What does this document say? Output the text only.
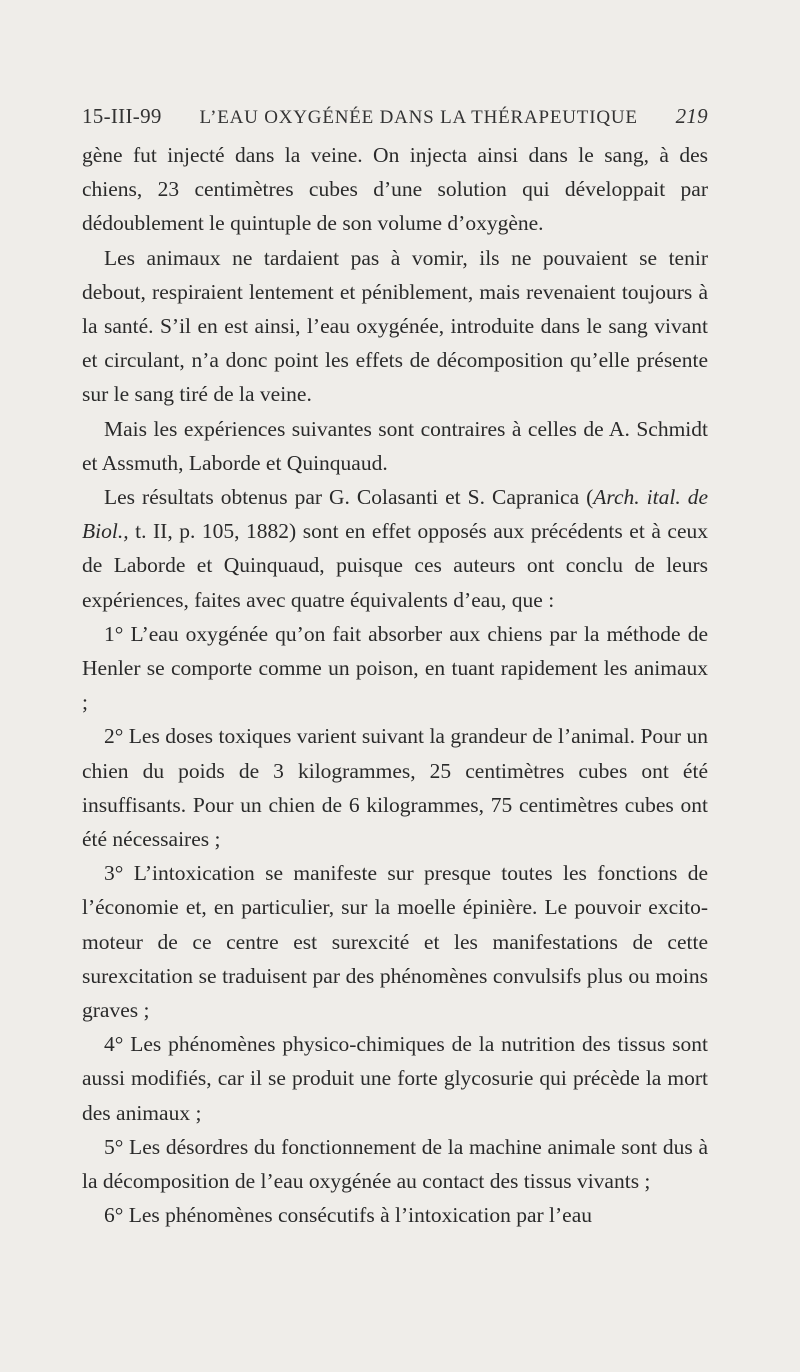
15-III-99 L’EAU OXYGÉNÉE DANS LA THÉRAPEUTIQUE 219

gène fut injecté dans la veine. On injecta ainsi dans le sang, à des chiens, 23 centimètres cubes d’une solution qui développait par dédoublement le quintuple de son volume d’oxygène.

Les animaux ne tardaient pas à vomir, ils ne pouvaient se tenir debout, respiraient lentement et péniblement, mais revenaient toujours à la santé. S’il en est ainsi, l’eau oxygénée, introduite dans le sang vivant et circulant, n’a donc point les effets de décomposition qu’elle présente sur le sang tiré de la veine.

Mais les expériences suivantes sont contraires à celles de A. Schmidt et Assmuth, Laborde et Quinquaud.

Les résultats obtenus par G. Colasanti et S. Capranica (Arch. ital. de Biol., t. II, p. 105, 1882) sont en effet opposés aux précédents et à ceux de Laborde et Quinquaud, puisque ces auteurs ont conclu de leurs expériences, faites avec quatre équivalents d’eau, que :

1° L’eau oxygénée qu’on fait absorber aux chiens par la méthode de Henler se comporte comme un poison, en tuant rapidement les animaux ;

2° Les doses toxiques varient suivant la grandeur de l’animal. Pour un chien du poids de 3 kilogrammes, 25 centimètres cubes ont été insuffisants. Pour un chien de 6 kilogrammes, 75 centimètres cubes ont été nécessaires ;

3° L’intoxication se manifeste sur presque toutes les fonctions de l’économie et, en particulier, sur la moelle épinière. Le pouvoir excito-moteur de ce centre est surexcité et les manifestations de cette surexcitation se traduisent par des phénomènes convulsifs plus ou moins graves ;

4° Les phénomènes physico-chimiques de la nutrition des tissus sont aussi modifiés, car il se produit une forte glycosurie qui précède la mort des animaux ;

5° Les désordres du fonctionnement de la machine animale sont dus à la décomposition de l’eau oxygénée au contact des tissus vivants ;

6° Les phénomènes consécutifs à l’intoxication par l’eau
